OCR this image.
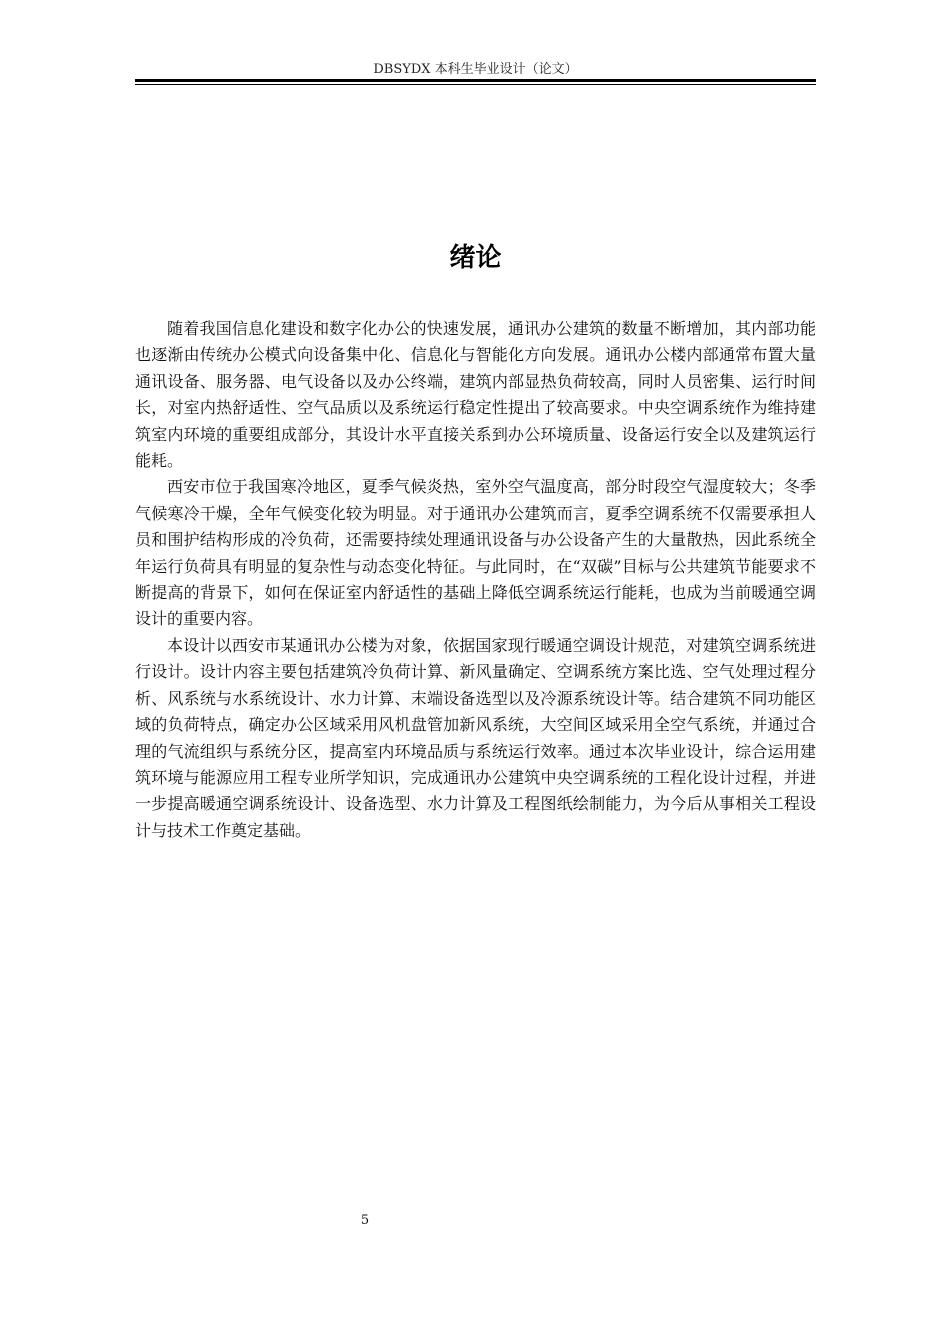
DBSYDX 本科生毕业设计（论文）
绪论

随着我国信息化建设和数字化办公的快速发展，通讯办公建筑的数量不断增加，其内部功能也逐渐由传统办公模式向设备集中化、信息化与智能化方向发展。通讯办公楼内部通常布置大量通讯设备、服务器、电气设备以及办公终端，建筑内部显热负荷较高，同时人员密集、运行时间长，对室内热舒适性、空气品质以及系统运行稳定性提出了较高要求。中央空调系统作为维持建筑室内环境的重要组成部分，其设计水平直接关系到办公环境质量、设备运行安全以及建筑运行能耗。

西安市位于我国寒冷地区，夏季气候炎热，室外空气温度高，部分时段空气湿度较大；冬季气候寒冷干燥，全年气候变化较为明显。对于通讯办公建筑而言，夏季空调系统不仅需要承担人员和围护结构形成的冷负荷，还需要持续处理通讯设备与办公设备产生的大量散热，因此系统全年运行负荷具有明显的复杂性与动态变化特征。与此同时，在“双碳”目标与公共建筑节能要求不断提高的背景下，如何在保证室内舒适性的基础上降低空调系统运行能耗，也成为当前暖通空调设计的重要内容。

本设计以西安市某通讯办公楼为对象，依据国家现行暖通空调设计规范，对建筑空调系统进行设计。设计内容主要包括建筑冷负荷计算、新风量确定、空调系统方案比选、空气处理过程分析、风系统与水系统设计、水力计算、末端设备选型以及冷源系统设计等。结合建筑不同功能区域的负荷特点，确定办公区域采用风机盘管加新风系统，大空间区域采用全空气系统，并通过合理的气流组织与系统分区，提高室内环境品质与系统运行效率。通过本次毕业设计，综合运用建筑环境与能源应用工程专业所学知识，完成通讯办公建筑中央空调系统的工程化设计过程，并进一步提高暖通空调系统设计、设备选型、水力计算及工程图纸绘制能力，为今后从事相关工程设计与技术工作奠定基础。

5
